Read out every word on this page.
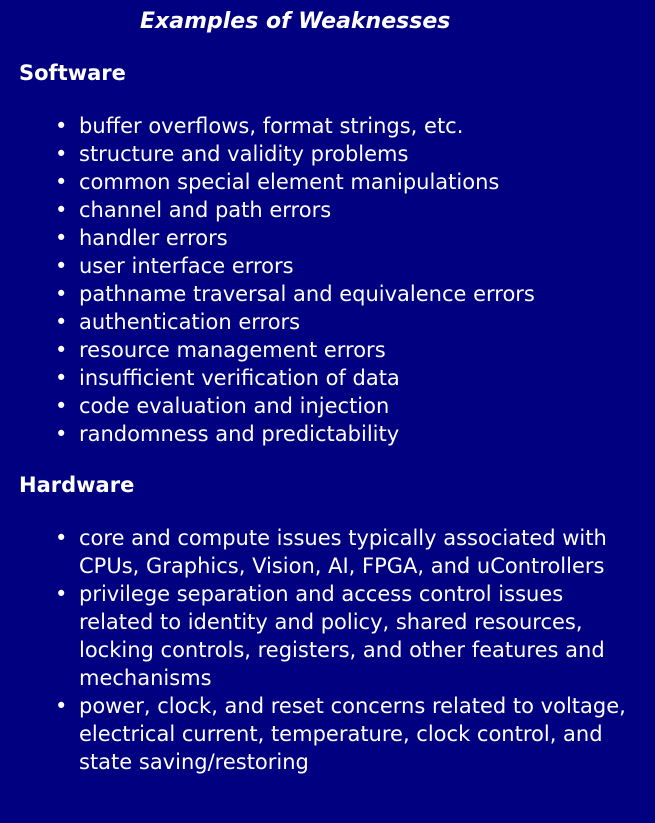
Examples of Weaknesses
Software
• buffer overflows, format strings, etc.
• structure and validity problems
• common special element manipulations
• channel and path errors
• handler errors
• user interface errors
• pathname traversal and equivalence errors
• authentication errors
• resource management errors
• insufficient verification of data
• code evaluation and injection
• randomness and predictability
Hardware
• core and compute issues typically associated with CPUs, Graphics, Vision, AI, FPGA, and uControllers
• privilege separation and access control issues related to identity and policy, shared resources, locking controls, registers, and other features and mechanisms
• power, clock, and reset concerns related to voltage, electrical current, temperature, clock control, and state saving/restoring
